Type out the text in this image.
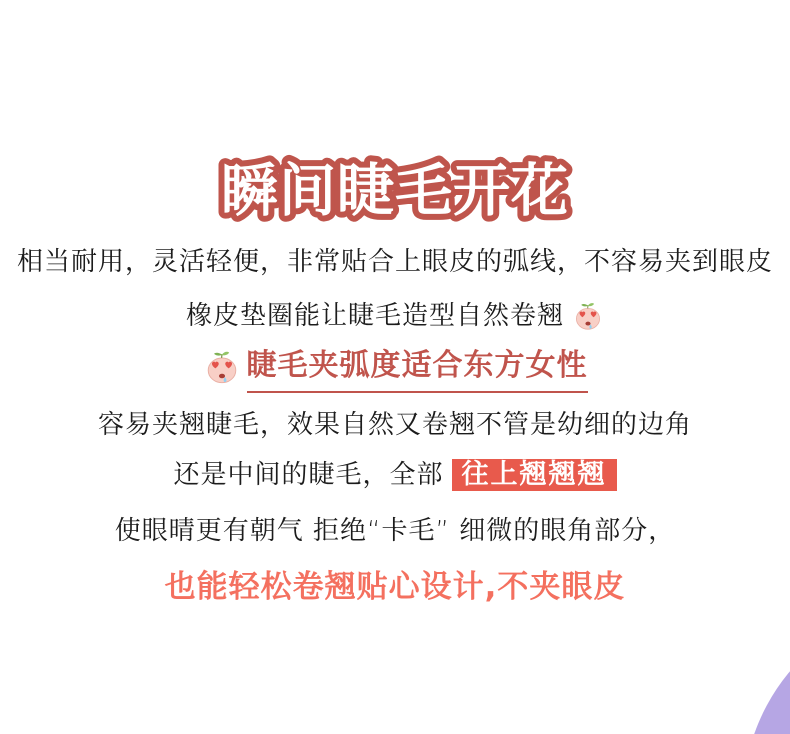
瞬间睫毛开花

相当耐用，灵活轻便，非常贴合上眼皮的弧线，不容易夹到眼皮

橡皮垫圈能让睫毛造型自然卷翘

睫毛夹弧度适合东方女性

容易夹翘睫毛，效果自然又卷翘不管是幼细的边角

还是中间的睫毛，全部 往上翘翘翘

使眼晴更有朝气 拒绝“卡毛” 细微的眼角部分，

也能轻松卷翘贴心设计,不夹眼皮
